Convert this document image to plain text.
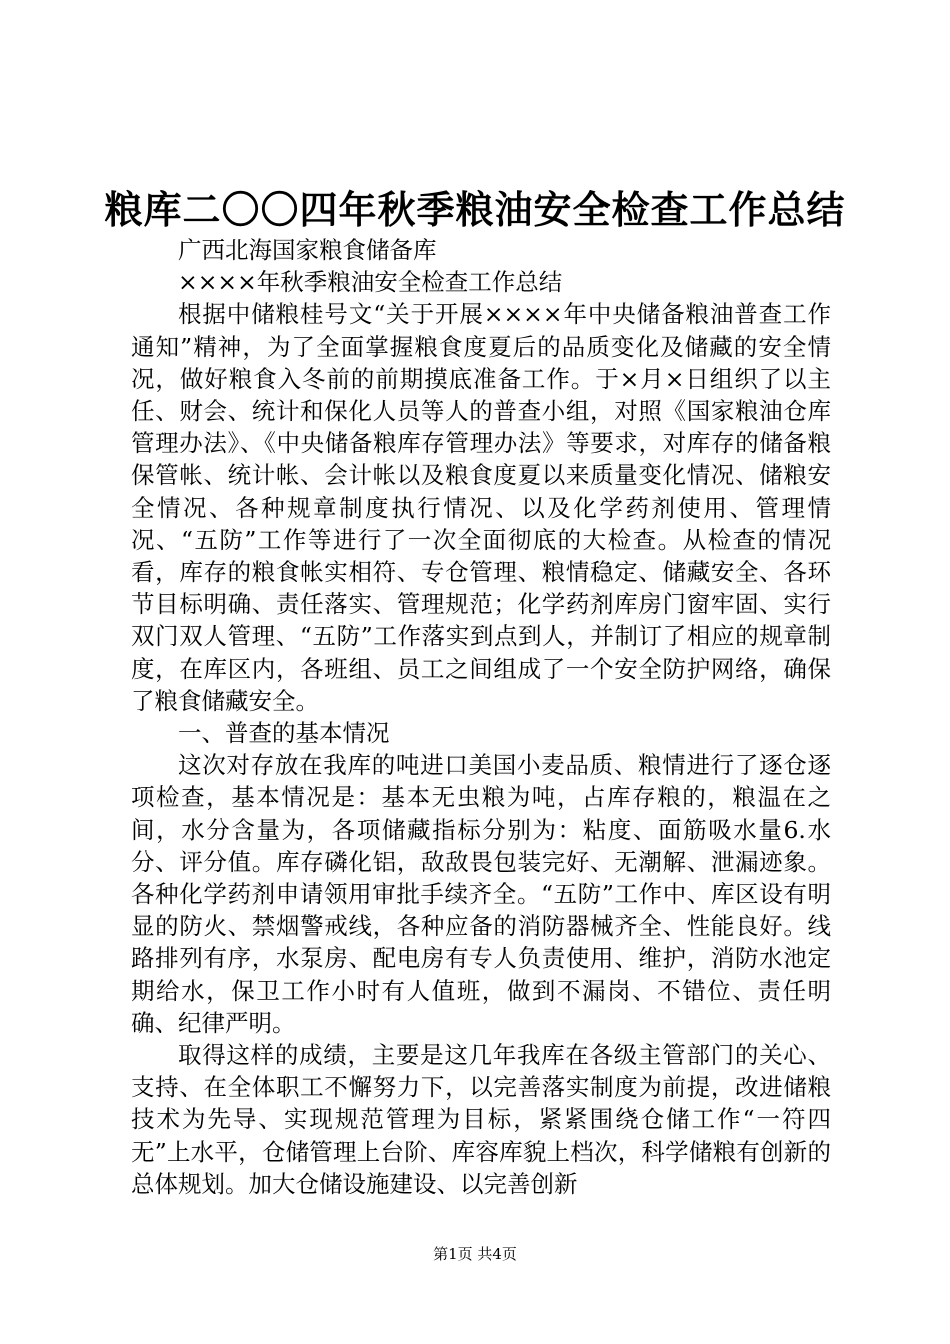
粮库二〇〇四年秋季粮油安全检查工作总结

广西北海国家粮食储备库

××××年秋季粮油安全检查工作总结

根据中储粮桂号文“关于开展××××年中央储备粮油普查工作通知”精神，为了全面掌握粮食度夏后的品质变化及储藏的安全情况，做好粮食入冬前的前期摸底准备工作。于×月×日组织了以主任、财会、统计和保化人员等人的普查小组，对照《国家粮油仓库管理办法》、《中央储备粮库存管理办法》等要求，对库存的储备粮保管帐、统计帐、会计帐以及粮食度夏以来质量变化情况、储粮安全情况、各种规章制度执行情况、以及化学药剂使用、管理情况、“五防”工作等进行了一次全面彻底的大检查。从检查的情况看，库存的粮食帐实相符、专仓管理、粮情稳定、储藏安全、各环节目标明确、责任落实、管理规范；化学药剂库房门窗牢固、实行双门双人管理、“五防”工作落实到点到人，并制订了相应的规章制度，在库区内，各班组、员工之间组成了一个安全防护网络，确保了粮食储藏安全。

一、普查的基本情况

这次对存放在我库的吨进口美国小麦品质、粮情进行了逐仓逐项检查，基本情况是：基本无虫粮为吨，占库存粮的，粮温在之间，水分含量为，各项储藏指标分别为：粘度、面筋吸水量6.水分、评分值。库存磷化铝，敌敌畏包装完好、无潮解、泄漏迹象。各种化学药剂申请领用审批手续齐全。“五防”工作中、库区设有明显的防火、禁烟警戒线，各种应备的消防器械齐全、性能良好。线路排列有序，水泵房、配电房有专人负责使用、维护，消防水池定期给水，保卫工作小时有人值班，做到不漏岗、不错位、责任明确、纪律严明。

取得这样的成绩，主要是这几年我库在各级主管部门的关心、支持、在全体职工不懈努力下，以完善落实制度为前提，改进储粮技术为先导、实现规范管理为目标，紧紧围绕仓储工作“一符四无”上水平，仓储管理上台阶、库容库貌上档次，科学储粮有创新的总体规划。加大仓储设施建设、以完善创新

第1页 共4页
